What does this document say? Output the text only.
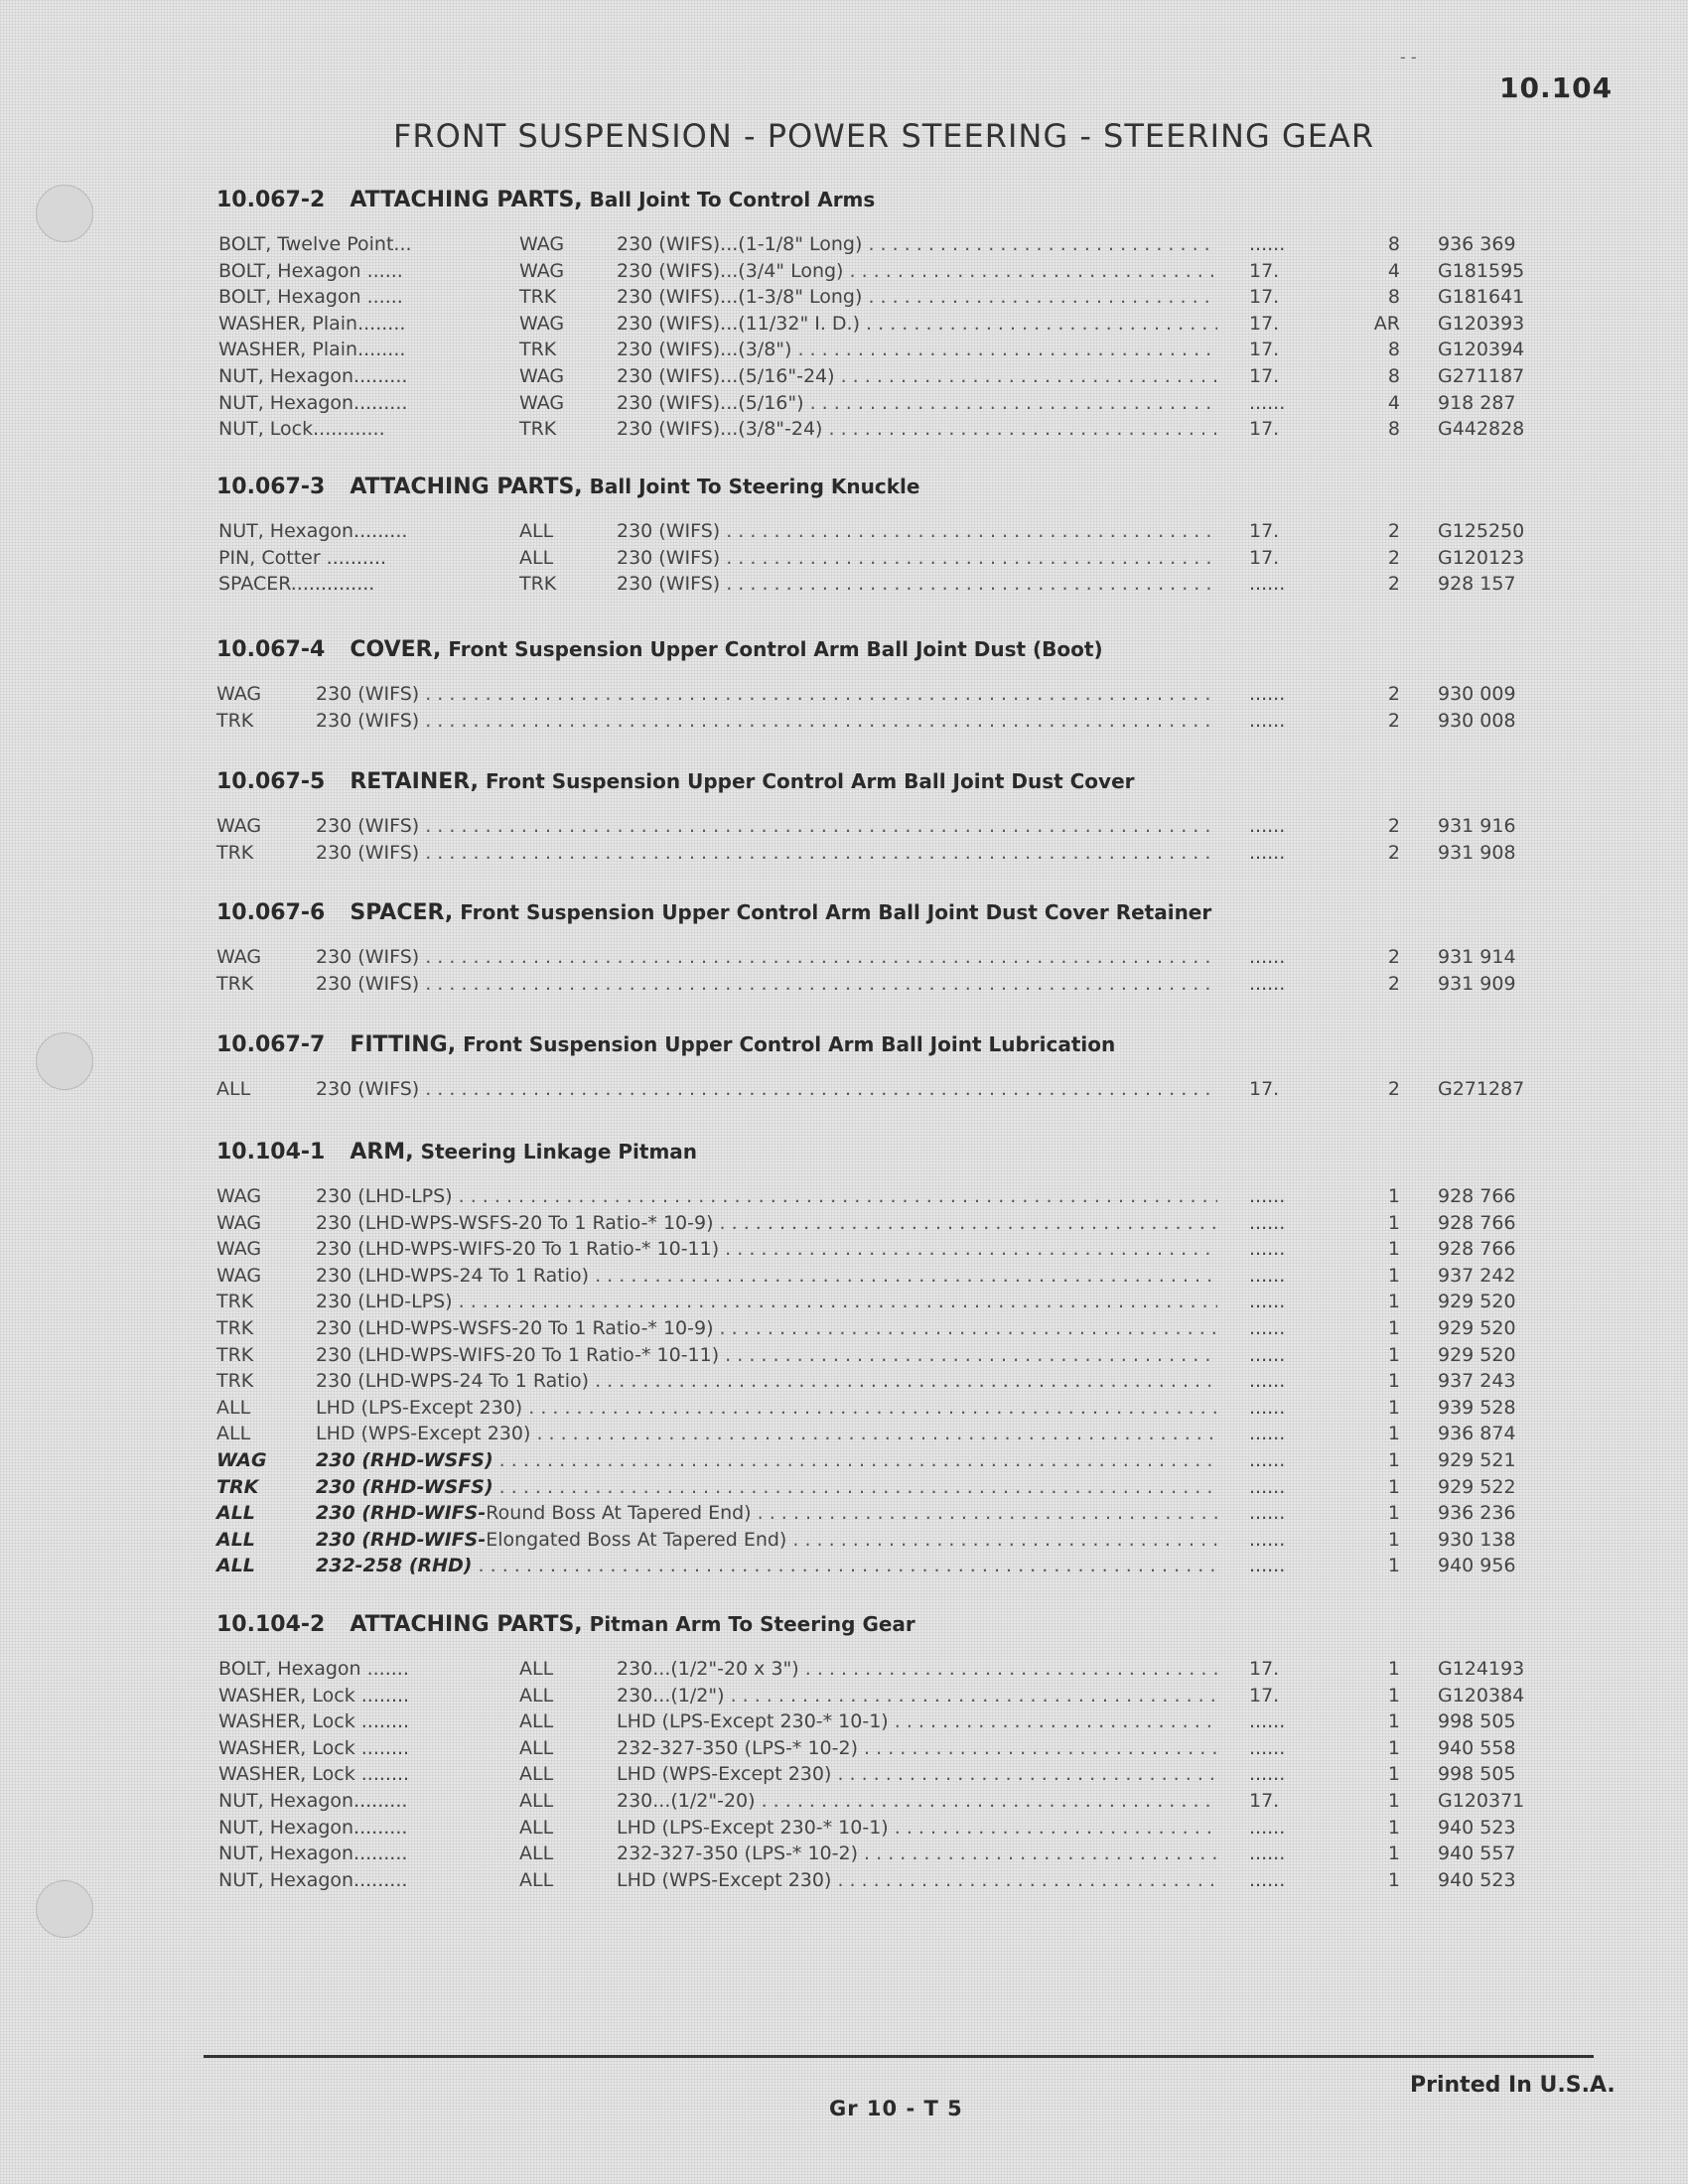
- -
10.104
FRONT SUSPENSION - POWER STEERING - STEERING GEAR
10.067-2 ATTACHING PARTS, Ball Joint To Control Arms
BOLT, Twelve Point...	WAG	230 (WIFS)...(1-1/8" Long) . . .	......	8 936 369
BOLT, Hexagon ......	WAG	230 (WIFS)...(3/4" Long) . . .	17.	4 G181595
BOLT, Hexagon ......	TRK	230 (WIFS)...(1-3/8" Long) . . .	17.	8 G181641
WASHER, Plain........	WAG	230 (WIFS)...(11/32" I. D.) . . .	17.	AR G120393
WASHER, Plain........	TRK	230 (WIFS)...(3/8") . . .	17.	8 G120394
NUT, Hexagon.........	WAG	230 (WIFS)...(5/16"-24) . . .	17.	8 G271187
NUT, Hexagon.........	WAG	230 (WIFS)...(5/16") . . .	......	4 918 287
NUT, Lock............	TRK	230 (WIFS)...(3/8"-24) . . .	17.	8 G442828
10.067-3 ATTACHING PARTS, Ball Joint To Steering Knuckle
NUT, Hexagon.........	ALL	230 (WIFS) . . .	17.	2 G125250
PIN, Cotter ..........	ALL	230 (WIFS) . . .	17.	2 G120123
SPACER..............	TRK	230 (WIFS) . . .	......	2 928 157
10.067-4 COVER, Front Suspension Upper Control Arm Ball Joint Dust (Boot)
WAG	230 (WIFS) . . .	......	2 930 009
TRK	230 (WIFS) . . .	......	2 930 008
10.067-5 RETAINER, Front Suspension Upper Control Arm Ball Joint Dust Cover
WAG	230 (WIFS) . . .	......	2 931 916
TRK	230 (WIFS) . . .	......	2 931 908
10.067-6 SPACER, Front Suspension Upper Control Arm Ball Joint Dust Cover Retainer
WAG	230 (WIFS) . . .	......	2 931 914
TRK	230 (WIFS) . . .	......	2 931 909
10.067-7 FITTING, Front Suspension Upper Control Arm Ball Joint Lubrication
ALL	230 (WIFS) . . .	17.	2 G271287
10.104-1 ARM, Steering Linkage Pitman
WAG	230 (LHD-LPS) . . .	......	1 928 766
WAG	230 (LHD-WPS-WSFS-20 To 1 Ratio-* 10-9) . . .	......	1 928 766
WAG	230 (LHD-WPS-WIFS-20 To 1 Ratio-* 10-11) . . .	......	1 928 766
WAG	230 (LHD-WPS-24 To 1 Ratio) . . .	......	1 937 242
TRK	230 (LHD-LPS) . . .	......	1 929 520
TRK	230 (LHD-WPS-WSFS-20 To 1 Ratio-* 10-9) . . .	......	1 929 520
TRK	230 (LHD-WPS-WIFS-20 To 1 Ratio-* 10-11) . . .	......	1 929 520
TRK	230 (LHD-WPS-24 To 1 Ratio) . . .	......	1 937 243
ALL	LHD (LPS-Except 230) . . .	......	1 939 528
ALL	LHD (WPS-Except 230) . . .	......	1 936 874
WAG	230 (RHD-WSFS) . . .	......	1 929 521
TRK	230 (RHD-WSFS) . . .	......	1 929 522
ALL	230 (RHD-WIFS-Round Boss At Tapered End) . . .	......	1 936 236
ALL	230 (RHD-WIFS-Elongated Boss At Tapered End) . . .	......	1 930 138
ALL	232-258 (RHD) . . .	......	1 940 956
10.104-2 ATTACHING PARTS, Pitman Arm To Steering Gear
BOLT, Hexagon .......	ALL	230...(1/2"-20 x 3") . . .	17.	1 G124193
WASHER, Lock ........	ALL	230...(1/2") . . .	17.	1 G120384
WASHER, Lock ........	ALL	LHD (LPS-Except 230-* 10-1) . . .	......	1 998 505
WASHER, Lock ........	ALL	232-327-350 (LPS-* 10-2) . . .	......	1 940 558
WASHER, Lock ........	ALL	LHD (WPS-Except 230) . . .	......	1 998 505
NUT, Hexagon.........	ALL	230...(1/2"-20) . . .	17.	1 G120371
NUT, Hexagon.........	ALL	LHD (LPS-Except 230-* 10-1) . . .	......	1 940 523
NUT, Hexagon.........	ALL	232-327-350 (LPS-* 10-2) . . .	......	1 940 557
NUT, Hexagon.........	ALL	LHD (WPS-Except 230) . . .	......	1 940 523
Printed In U.S.A.
Gr 10 - T 5
